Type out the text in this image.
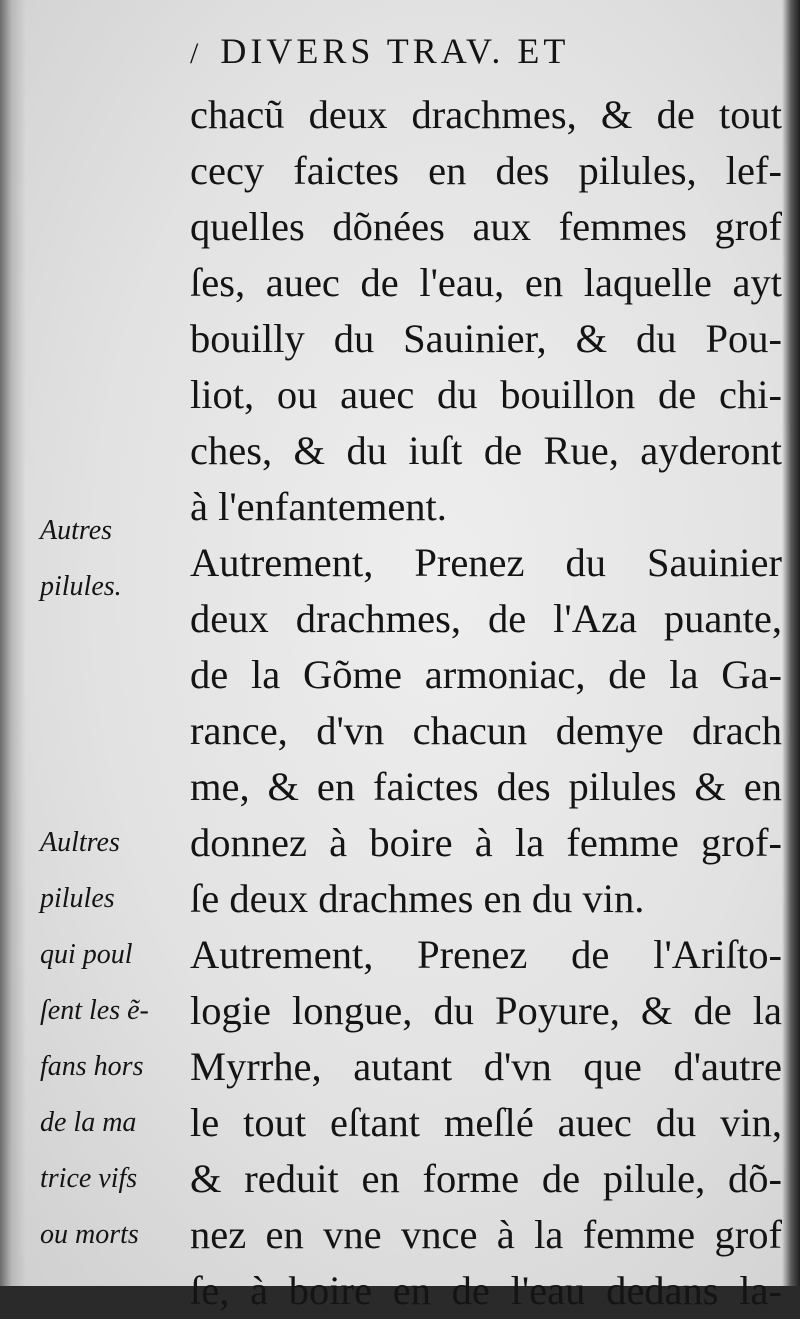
/ DIVERS TRAV. ET
chacũ deux drachmes, & de tout
cecy faictes en des pilules, lef-
quelles dõnées aux femmes grof
ſes, auec de l'eau, en laquelle ayt
bouilly du Sauinier, & du Pou-
liot, ou auec du bouillon de chi-
ches, & du iuſt de Rue, ayderont
à l'enfantement.
Autrement, Prenez du Sauinier
deux drachmes, de l'Aza puante,
de la Gõme armoniac, de la Ga-
rance, d'vn chacun demye drach
me, & en faictes des pilules & en
donnez à boire à la femme grof-
ſe deux drachmes en du vin.
Autrement, Prenez de l'Ariſto-
logie longue, du Poyure, & de la
Myrrhe, autant d'vn que d'autre
le tout eſtant meſlé auec du vin,
& reduit en forme de pilule, dõ-
nez en vne vnce à la femme grof
ſe, à boire en de l'eau dedans la-
Autres
pilules.
Aultres
pilules
qui poul
ſent les ẽ-
fans hors
de la ma
trice vifs
ou morts
